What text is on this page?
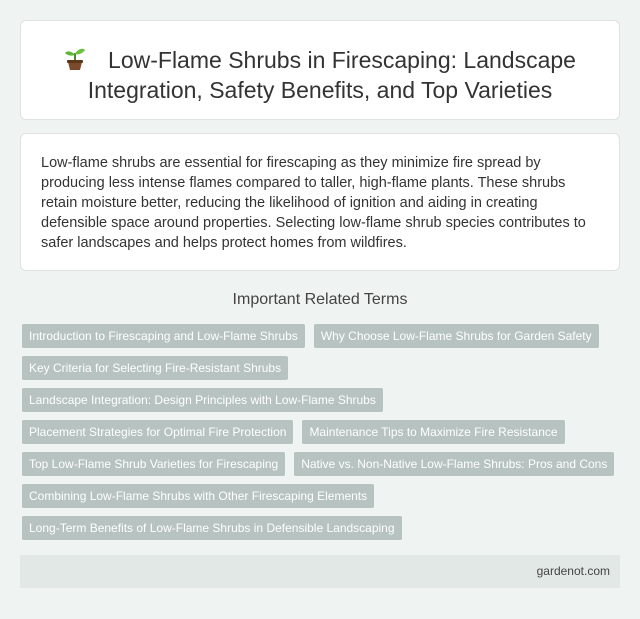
Low-Flame Shrubs in Firescaping: Landscape Integration, Safety Benefits, and Top Varieties

Low-flame shrubs are essential for firescaping as they minimize fire spread by producing less intense flames compared to taller, high-flame plants. These shrubs retain moisture better, reducing the likelihood of ignition and aiding in creating defensible space around properties. Selecting low-flame shrub species contributes to safer landscapes and helps protect homes from wildfires.

Important Related Terms
Introduction to Firescaping and Low-Flame Shrubs Why Choose Low-Flame Shrubs for Garden Safety
Key Criteria for Selecting Fire-Resistant Shrubs
Landscape Integration: Design Principles with Low-Flame Shrubs
Placement Strategies for Optimal Fire Protection Maintenance Tips to Maximize Fire Resistance
Top Low-Flame Shrub Varieties for Firescaping Native vs. Non-Native Low-Flame Shrubs: Pros and Cons
Combining Low-Flame Shrubs with Other Firescaping Elements
Long-Term Benefits of Low-Flame Shrubs in Defensible Landscaping
gardenot.com
